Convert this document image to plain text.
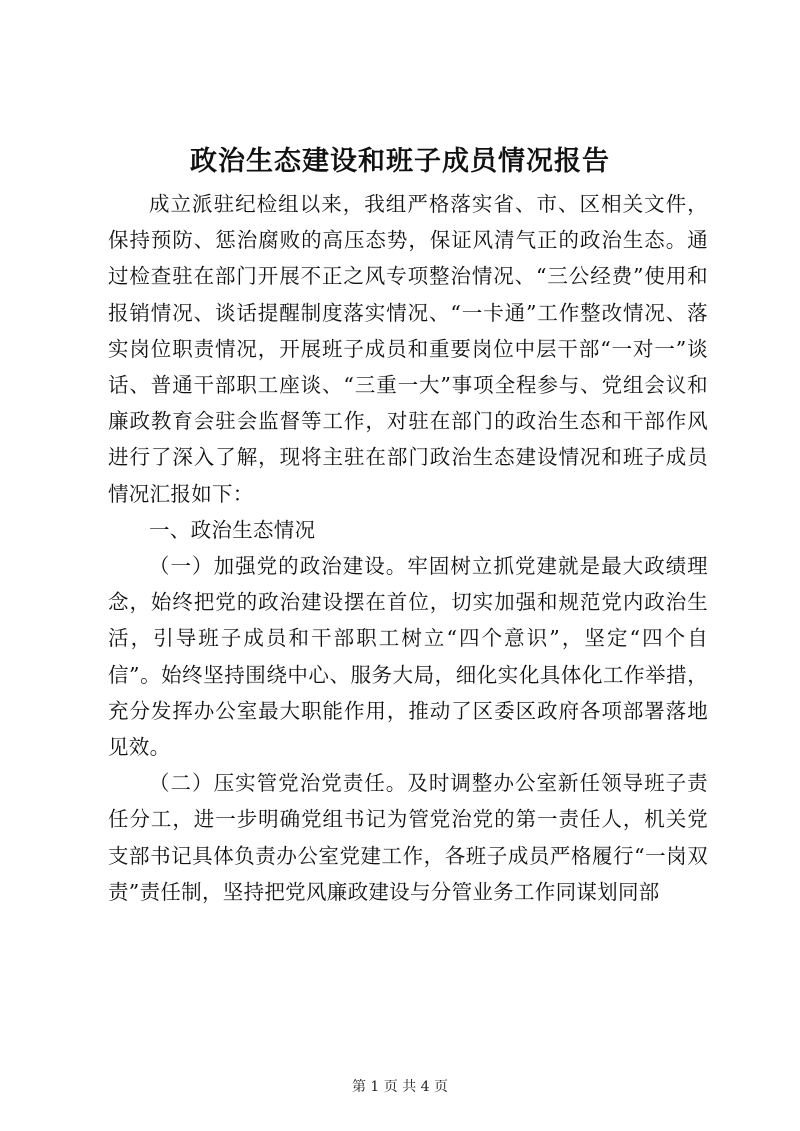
政治生态建设和班子成员情况报告

成立派驻纪检组以来，我组严格落实省、市、区相关文件，保持预防、惩治腐败的高压态势，保证风清气正的政治生态。通过检查驻在部门开展不正之风专项整治情况、“三公经费”使用和报销情况、谈话提醒制度落实情况、“一卡通”工作整改情况、落实岗位职责情况，开展班子成员和重要岗位中层干部“一对一”谈话、普通干部职工座谈、“三重一大”事项全程参与、党组会议和廉政教育会驻会监督等工作，对驻在部门的政治生态和干部作风进行了深入了解，现将主驻在部门政治生态建设情况和班子成员情况汇报如下：

一、政治生态情况

（一）加强党的政治建设。牢固树立抓党建就是最大政绩理念，始终把党的政治建设摆在首位，切实加强和规范党内政治生活，引导班子成员和干部职工树立“四个意识”，坚定“四个自信”。始终坚持围绕中心、服务大局，细化实化具体化工作举措，充分发挥办公室最大职能作用，推动了区委区政府各项部署落地见效。

（二）压实管党治党责任。及时调整办公室新任领导班子责任分工，进一步明确党组书记为管党治党的第一责任人，机关党支部书记具体负责办公室党建工作，各班子成员严格履行“一岗双责”责任制，坚持把党风廉政建设与分管业务工作同谋划同部

第 1 页 共 4 页
